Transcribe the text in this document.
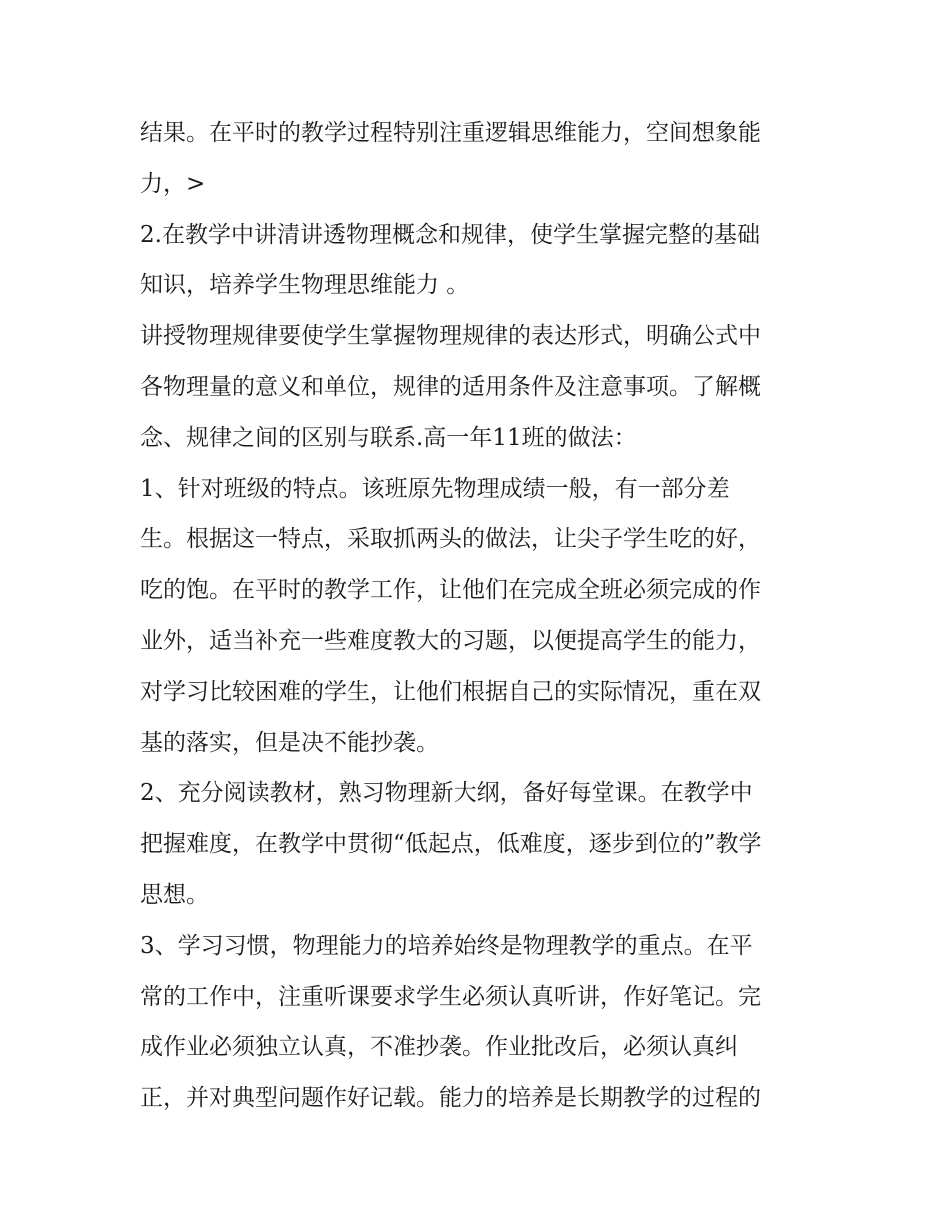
结果。在平时的教学过程特别注重逻辑思维能力，空间想象能
力，>
2.在教学中讲清讲透物理概念和规律，使学生掌握完整的基础
知识，培养学生物理思维能力 。
讲授物理规律要使学生掌握物理规律的表达形式，明确公式中
各物理量的意义和单位，规律的适用条件及注意事项。了解概
念、规律之间的区别与联系.高一年11班的做法：
1、针对班级的特点。该班原先物理成绩一般，有一部分差
生。根据这一特点，采取抓两头的做法，让尖子学生吃的好，
吃的饱。在平时的教学工作，让他们在完成全班必须完成的作
业外，适当补充一些难度教大的习题，以便提高学生的能力，
对学习比较困难的学生，让他们根据自己的实际情况，重在双
基的落实，但是决不能抄袭。
2、充分阅读教材，熟习物理新大纲，备好每堂课。在教学中
把握难度，在教学中贯彻“低起点，低难度，逐步到位的”教学
思想。
3、学习习惯，物理能力的培养始终是物理教学的重点。在平
常的工作中，注重听课要求学生必须认真听讲，作好笔记。完
成作业必须独立认真，不准抄袭。作业批改后，必须认真纠
正，并对典型问题作好记载。能力的培养是长期教学的过程的
